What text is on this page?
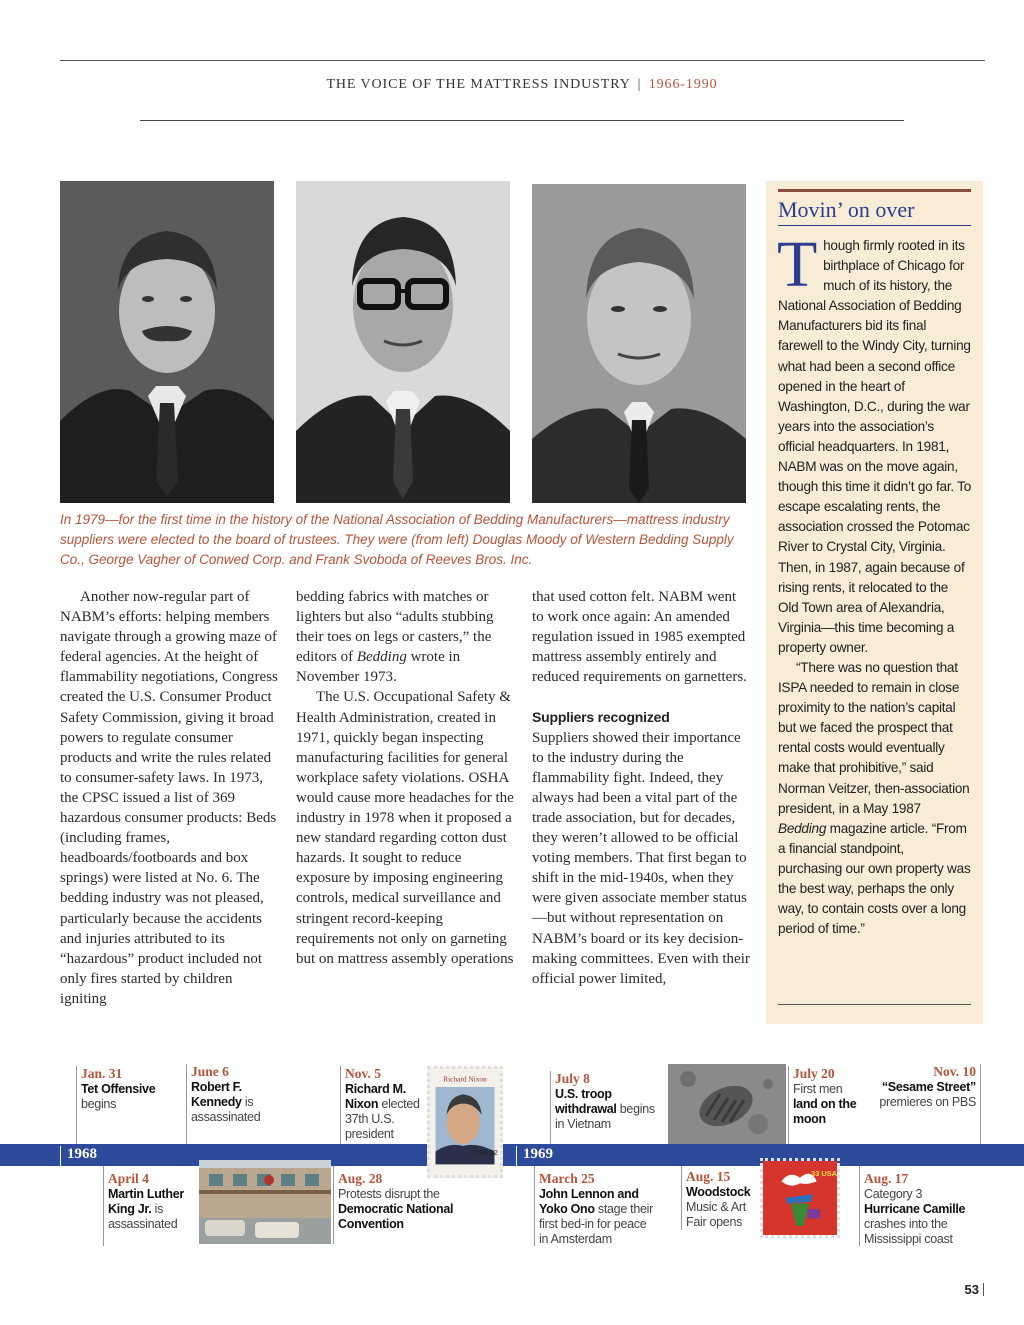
THE VOICE OF THE MATTRESS INDUSTRY | 1966-1990
In 1979—for the first time in the history of the National Association of Bedding Manufacturers—mattress industry suppliers were elected to the board of trustees. They were (from left) Douglas Moody of Western Bedding Supply Co., George Vagher of Conwed Corp. and Frank Svoboda of Reeves Bros. Inc.

Another now-regular part of NABM’s efforts: helping members navigate through a growing maze of federal agencies. At the height of flammability negotiations, Congress created the U.S. Consumer Product Safety Commission, giving it broad powers to regulate consumer products and write the rules related to consumer-safety laws. In 1973, the CPSC issued a list of 369 hazardous consumer products: Beds (including frames, headboards/footboards and box springs) were listed at No. 6. The bedding industry was not pleased, particularly because the accidents and injuries attributed to its “hazardous” product included not only fires started by children igniting

bedding fabrics with matches or lighters but also “adults stubbing their toes on legs or casters,” the editors of Bedding wrote in November 1973.

The U.S. Occupational Safety & Health Administration, created in 1971, quickly began inspecting manufacturing facilities for general workplace safety violations. OSHA would cause more headaches for the industry in 1978 when it proposed a new standard regarding cotton dust hazards. It sought to reduce exposure by imposing engineering controls, medical surveillance and stringent record-keeping requirements not only on garneting but on mattress assembly operations

that used cotton felt. NABM went to work once again: An amended regulation issued in 1985 exempted mattress assembly entirely and reduced requirements on garnetters.

Suppliers recognized

Suppliers showed their importance to the industry during the flammability fight. Indeed, they always had been a vital part of the trade association, but for decades, they weren’t allowed to be official voting members. That first began to shift in the mid-1940s, when they were given associate member status—but without representation on NABM’s board or its key decision-making committees. Even with their official power limited,

Movin’ on over

Though firmly rooted in its birthplace of Chicago for much of its history, the National Association of Bedding Manufacturers bid its final farewell to the Windy City, turning what had been a second office opened in the heart of Washington, D.C., during the war years into the association’s official headquarters. In 1981, NABM was on the move again, though this time it didn’t go far. To escape escalating rents, the association crossed the Potomac River to Crystal City, Virginia. Then, in 1987, again because of rising rents, it relocated to the Old Town area of Alexandria, Virginia—this time becoming a property owner.

“There was no question that ISPA needed to remain in close proximity to the nation’s capital but we faced the prospect that rental costs would eventually make that prohibitive,” said Norman Veitzer, then-association president, in a May 1987 Bedding magazine article. “From a financial standpoint, purchasing our own property was the best way, perhaps the only way, to contain costs over a long period of time.”

1968	1969
Jan. 31
Tet Offensive begins
June 6
Robert F. Kennedy is assassinated
Nov. 5
Richard M. Nixon elected 37th U.S. president
Richard Nixon
USA 32
July 8
U.S. troop withdrawal begins in Vietnam
July 20
First men land on the moon
Nov. 10
“Sesame Street”
premieres on PBS
April 4
Martin Luther King Jr. is assassinated
Aug. 28
Protests disrupt the Democratic National Convention
March 25
John Lennon and Yoko Ono stage their first bed-in for peace in Amsterdam
Aug. 15
Woodstock Music & Art Fair opens
33 USA Aug. 17
Category 3
Hurricane Camille
crashes into the Mississippi coast
53
